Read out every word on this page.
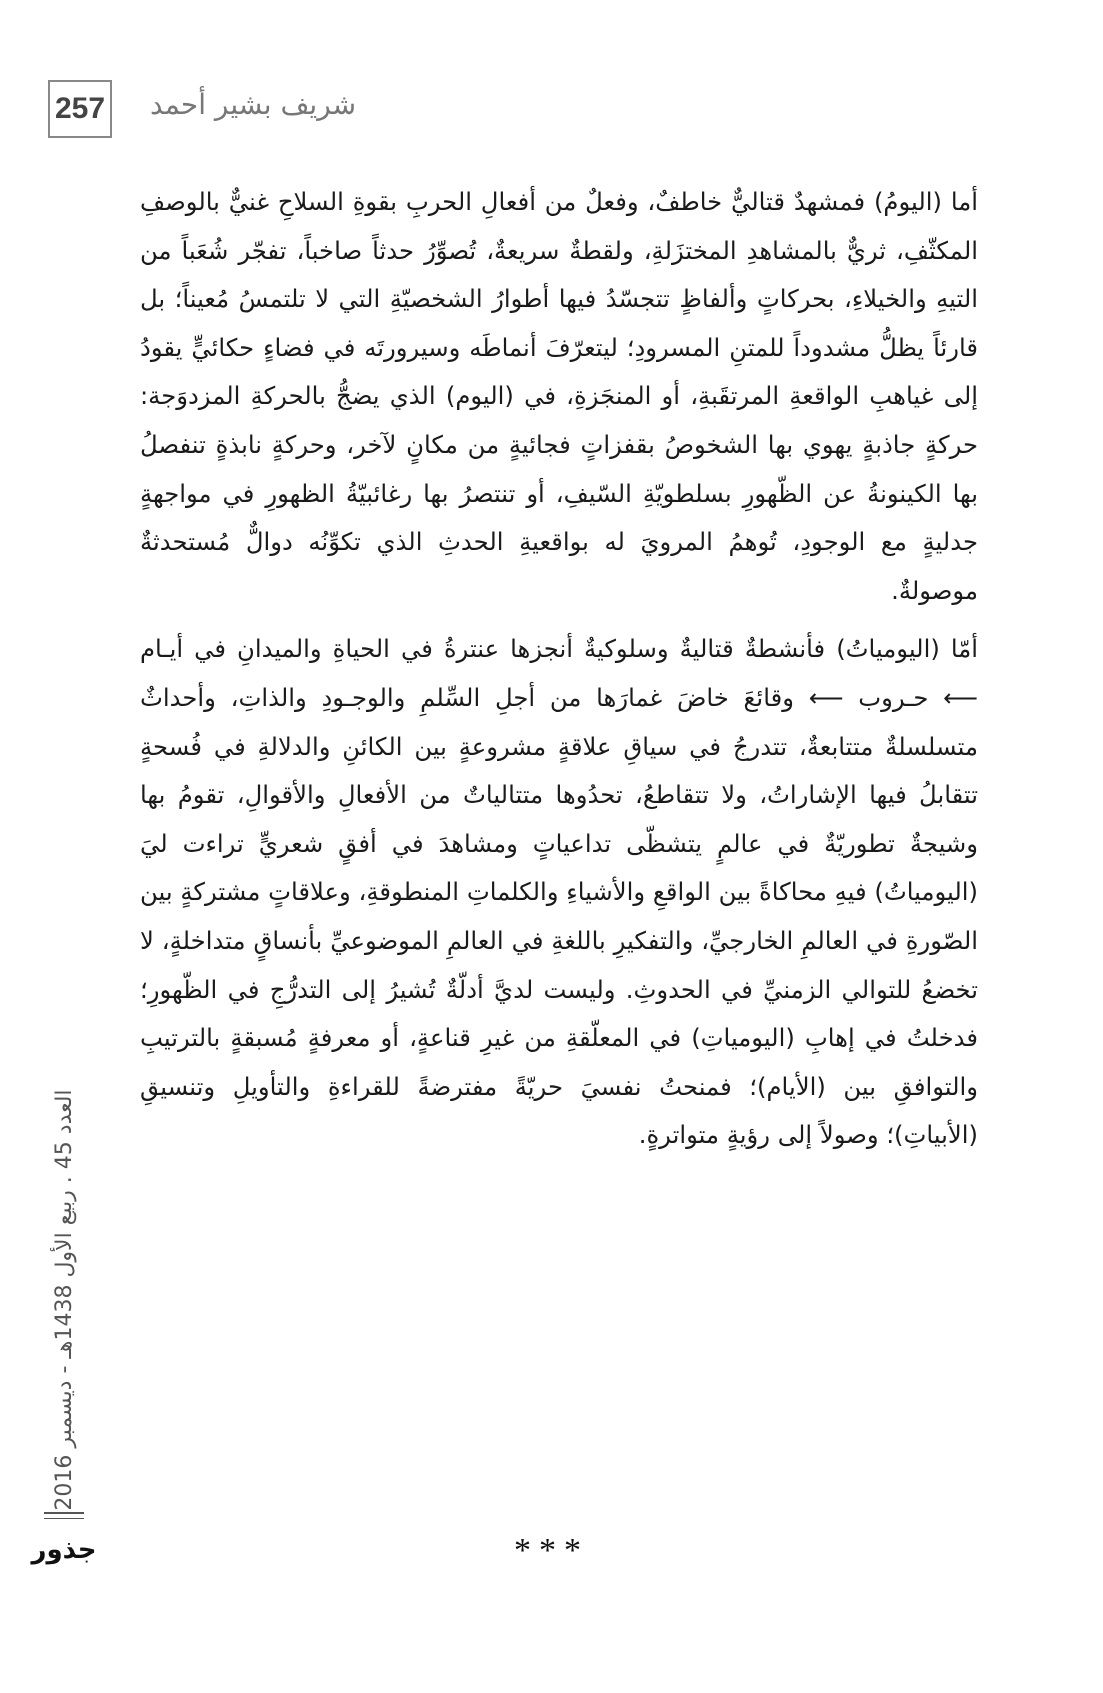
257 شريف بشير أحمد

أما (اليومُ) فمشهدٌ قتاليٌّ خاطفٌ، وفعلٌ من أفعالِ الحربِ بقوةِ السلاحِ غنيٌّ بالوصفِ المكثّفِ، ثريٌّ بالمشاهدِ المختزَلةِ، ولقطةٌ سريعةٌ، تُصوِّرُ حدثاً صاخباً، تفجّر شُعَباً من التيهِ والخيلاءِ، بحركاتٍ وألفاظٍ تتجسّدُ فيها أطوارُ الشخصيّةِ التي لا تلتمسُ مُعيناً؛ بل قارئاً يظلُّ مشدوداً للمتنِ المسرودِ؛ ليتعرّفَ أنماطَه وسيرورتَه في فضاءٍ حكائيٍّ يقودُ إلى غياهبِ الواقعةِ المرتقَبةِ، أو المنجَزةِ، في (اليوم) الذي يضجُّ بالحركةِ المزدوَجة: حركةٍ جاذبةٍ يهوي بها الشخوصُ بقفزاتٍ فجائيةٍ من مكانٍ لآخر، وحركةٍ نابذةٍ تنفصلُ بها الكينونةُ عن الظّهورِ بسلطويّةِ السّيفِ، أو تنتصرُ بها رغائبيّةُ الظهورِ في مواجهةٍ جدليةٍ مع الوجودِ، تُوهمُ المرويَ له بواقعيةِ الحدثِ الذي تكوِّنُه دوالٌّ مُستحدثةٌ موصولةٌ.

أمّا (اليومياتُ) فأنشطةٌ قتاليةٌ وسلوكيةٌ أنجزها عنترةُ في الحياةِ والميدانِ في أيـام ⟵ حـروب ⟵ وقائعَ خاضَ غمارَها من أجلِ السِّلمِ والوجـودِ والذاتِ، وأحداثٌ متسلسلةٌ متتابعةٌ، تتدرجُ في سياقِ علاقةٍ مشروعةٍ بين الكائنِ والدلالةِ في فُسحةٍ تتقابلُ فيها الإشاراتُ، ولا تتقاطعُ، تحدُوها متتالياتٌ من الأفعالِ والأقوالِ، تقومُ بها وشيجةٌ تطوريّةٌ في عالمٍ يتشظّى تداعياتٍ ومشاهدَ في أفقٍ شعريٍّ تراءت ليَ (اليومياتُ) فيهِ محاكاةً بين الواقعِ والأشياءِ والكلماتِ المنطوقةِ، وعلاقاتٍ مشتركةٍ بين الصّورةِ في العالمِ الخارجيِّ، والتفكيرِ باللغةِ في العالمِ الموضوعيِّ بأنساقٍ متداخلةٍ، لا تخضعُ للتوالي الزمنيِّ في الحدوثِ. وليست لديَّ أدلّةٌ تُشيرُ إلى التدرُّجِ في الظّهورِ؛ فدخلتُ في إهابِ (اليومياتِ) في المعلّقةِ من غيرِ قناعةٍ، أو معرفةٍ مُسبقةٍ بالترتيبِ والتوافقِ بين (الأيام)؛ فمنحتُ نفسيَ حريّةً مفترضةً للقراءةِ والتأويلِ وتنسيقِ (الأبياتِ)؛ وصولاً إلى رؤيةٍ متواترةٍ.

***
العدد 45 . ربيع الأول 1438هـ - ديسمبر 2016
جذور
